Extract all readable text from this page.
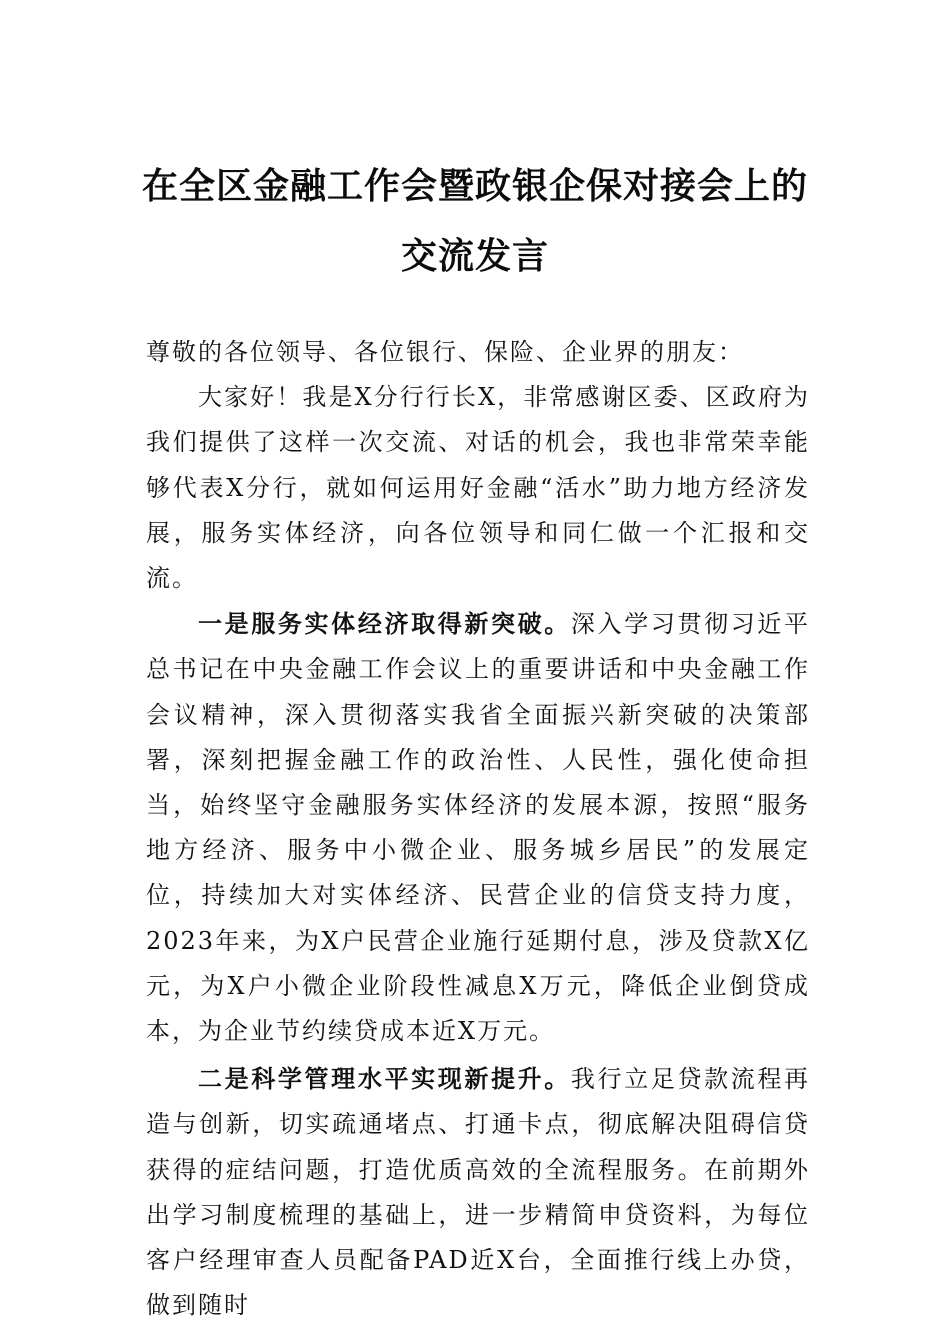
在全区金融工作会暨政银企保对接会上的
交流发言

尊敬的各位领导、各位银行、保险、企业界的朋友：

大家好！我是X分行行长X，非常感谢区委、区政府为我们提供了这样一次交流、对话的机会，我也非常荣幸能够代表X分行，就如何运用好金融“活水”助力地方经济发展，服务实体经济，向各位领导和同仁做一个汇报和交流。

一是服务实体经济取得新突破。深入学习贯彻习近平总书记在中央金融工作会议上的重要讲话和中央金融工作会议精神，深入贯彻落实我省全面振兴新突破的决策部署，深刻把握金融工作的政治性、人民性，强化使命担当，始终坚守金融服务实体经济的发展本源，按照“服务地方经济、服务中小微企业、服务城乡居民”的发展定位，持续加大对实体经济、民营企业的信贷支持力度，2023年来，为X户民营企业施行延期付息，涉及贷款X亿元，为X户小微企业阶段性减息X万元，降低企业倒贷成本，为企业节约续贷成本近X万元。

二是科学管理水平实现新提升。我行立足贷款流程再造与创新，切实疏通堵点、打通卡点，彻底解决阻碍信贷获得的症结问题，打造优质高效的全流程服务。在前期外出学习制度梳理的基础上，进一步精简申贷资料，为每位客户经理审查人员配备PAD近X台，全面推行线上办贷，做到随时
